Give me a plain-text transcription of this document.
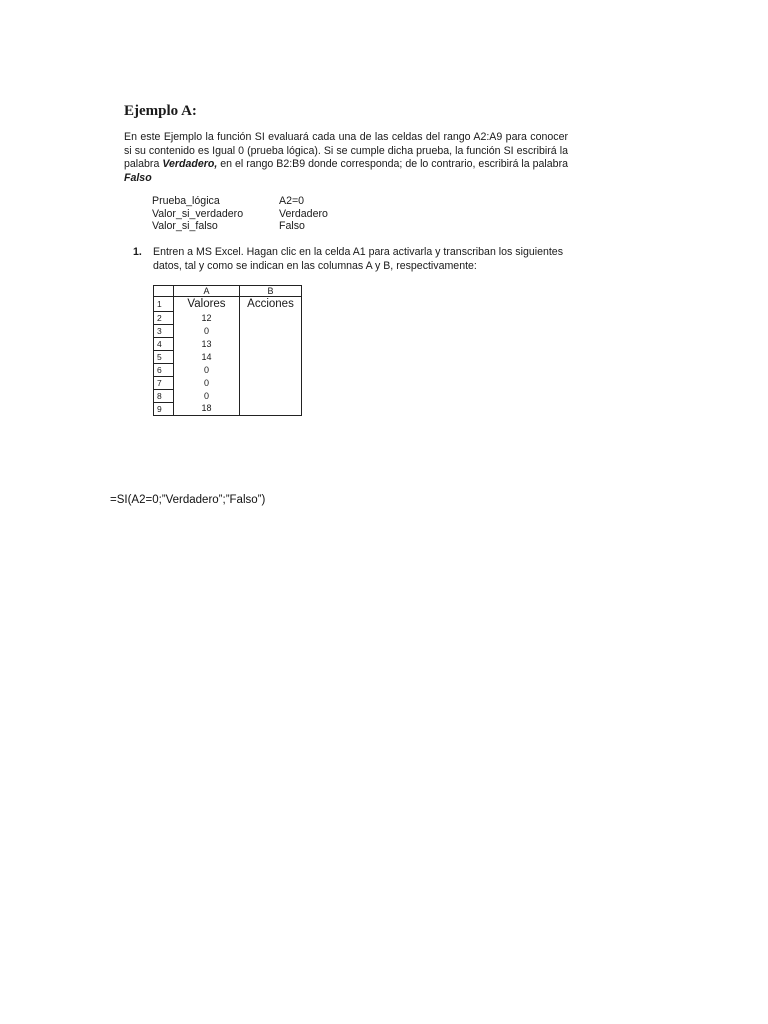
Ejemplo A:

En este Ejemplo la función SI evaluará cada una de las celdas del rango A2:A9 para conocer si su contenido es Igual 0 (prueba lógica). Si se cumple dicha prueba, la función SI escribirá la palabra Verdadero, en el rango B2:B9 donde corresponda; de lo contrario, escribirá la palabra Falso

Prueba_lógica	A2=0
Valor_si_verdadero	Verdadero
Valor_si_falso	Falso
1.	Entren a MS Excel. Hagan clic en la celda A1 para activarla y transcriban los siguientes datos, tal y como se indican en las columnas A y B, respectivamente:
	A	B
1	Valores	Acciones
2	12	
3	0	
4	13	
5	14	
6	0	
7	0	
8	0	
9	18	
=SI(A2=0;”Verdadero”;”Falso”)
